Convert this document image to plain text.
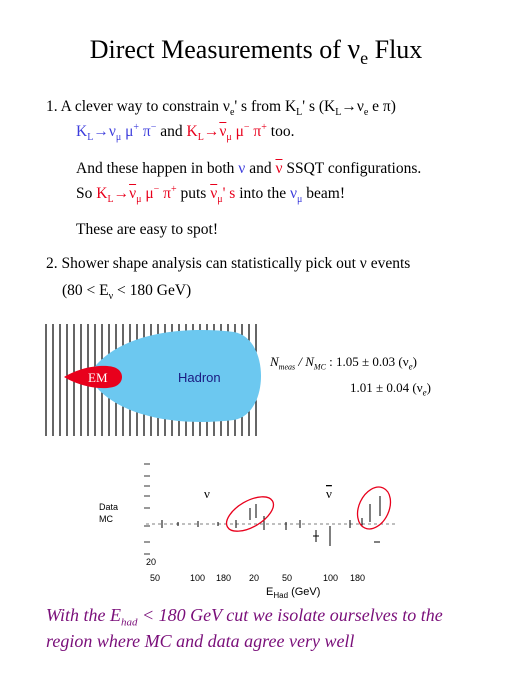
Direct Measurements of $\nu_e$ Flux
1. A clever way to constrain $\nu_e'$ s from $K_L'$ s ($K_L\to\nu_e$ e π)
$K_L\to\nu_\mu$ μ+ π− and $K_L\to\overline{\nu}_\mu$ μ− π+ too.
And these happen in both ν and $\overline{\nu}$ SSQT configurations.
So $K_L\to\overline{\nu}_\mu$ μ− π+ puts $\overline{\nu}_\mu'$ s into the $\nu_\mu$ beam!
These are easy to spot!
2. Shower shape analysis can statistically pick out ν events
($80 < E_\nu < 180$ GeV)
EM	Hadron
$N_{meas} / N_{MC}$ : 1.05 ± 0.03 $(\nu_e)$
1.01 ± 0.04 $(\nu_e)$
Data
MC
ν	ν
20
50	100 180 20	50	100 180
$E_{Had}$ (GeV)
With the $E_{had} < 180$ GeV cut we isolate ourselves to the region where MC and data agree very well
